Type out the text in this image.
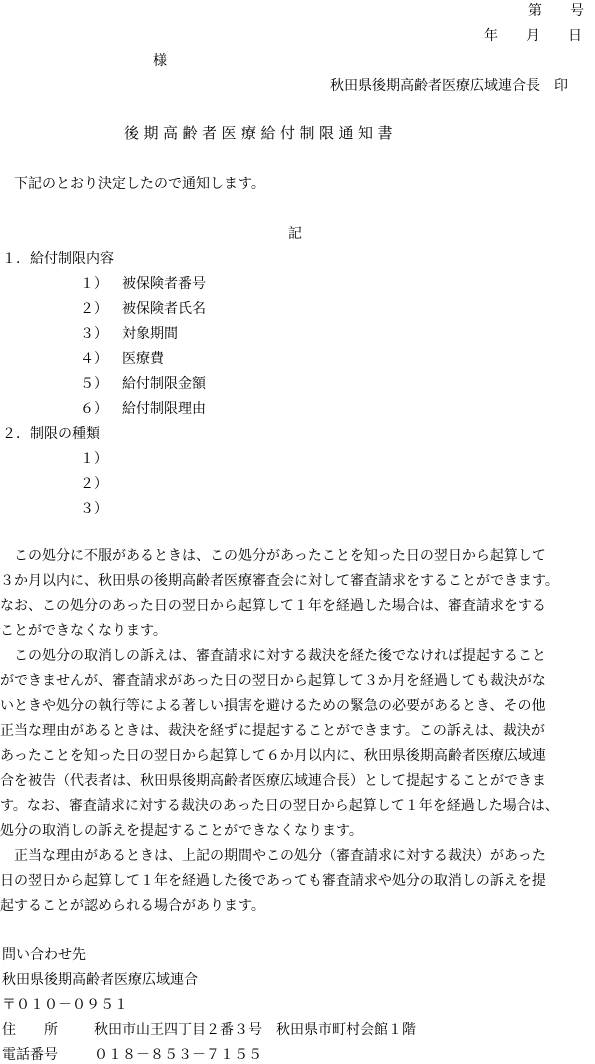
第　　号
年　　月　　日
様
秋田県後期高齢者医療広域連合長　印
後期高齢者医療給付制限通知書
下記のとおり決定したので通知します。
記
１．給付制限内容
１） 被保険者番号
２） 被保険者氏名
３） 対象期間
４） 医療費
５） 給付制限金額
６） 給付制限理由
２．制限の種類
１）
２）
３）
　この処分に不服があるときは、この処分があったことを知った日の翌日から起算して
３か月以内に、秋田県の後期高齢者医療審査会に対して審査請求をすることができます。
なお、この処分のあった日の翌日から起算して１年を経過した場合は、審査請求をする
ことができなくなります。
　この処分の取消しの訴えは、審査請求に対する裁決を経た後でなければ提起すること
ができませんが、審査請求があった日の翌日から起算して３か月を経過しても裁決がな
いときや処分の執行等による著しい損害を避けるための緊急の必要があるとき、その他
正当な理由があるときは、裁決を経ずに提起することができます。この訴えは、裁決が
あったことを知った日の翌日から起算して６か月以内に、秋田県後期高齢者医療広域連
合を被告（代表者は、秋田県後期高齢者医療広域連合長）として提起することができま
す。なお、審査請求に対する裁決のあった日の翌日から起算して１年を経過した場合は、
処分の取消しの訴えを提起することができなくなります。
　正当な理由があるときは、上記の期間やこの処分（審査請求に対する裁決）があった
日の翌日から起算して１年を経過した後であっても審査請求や処分の取消しの訴えを提
起することが認められる場合があります。
問い合わせ先
秋田県後期高齢者医療広域連合
〒０１０－０９５１
住　　所	秋田市山王四丁目２番３号　秋田県市町村会館１階
電話番号	０１８－８５３－７１５５
